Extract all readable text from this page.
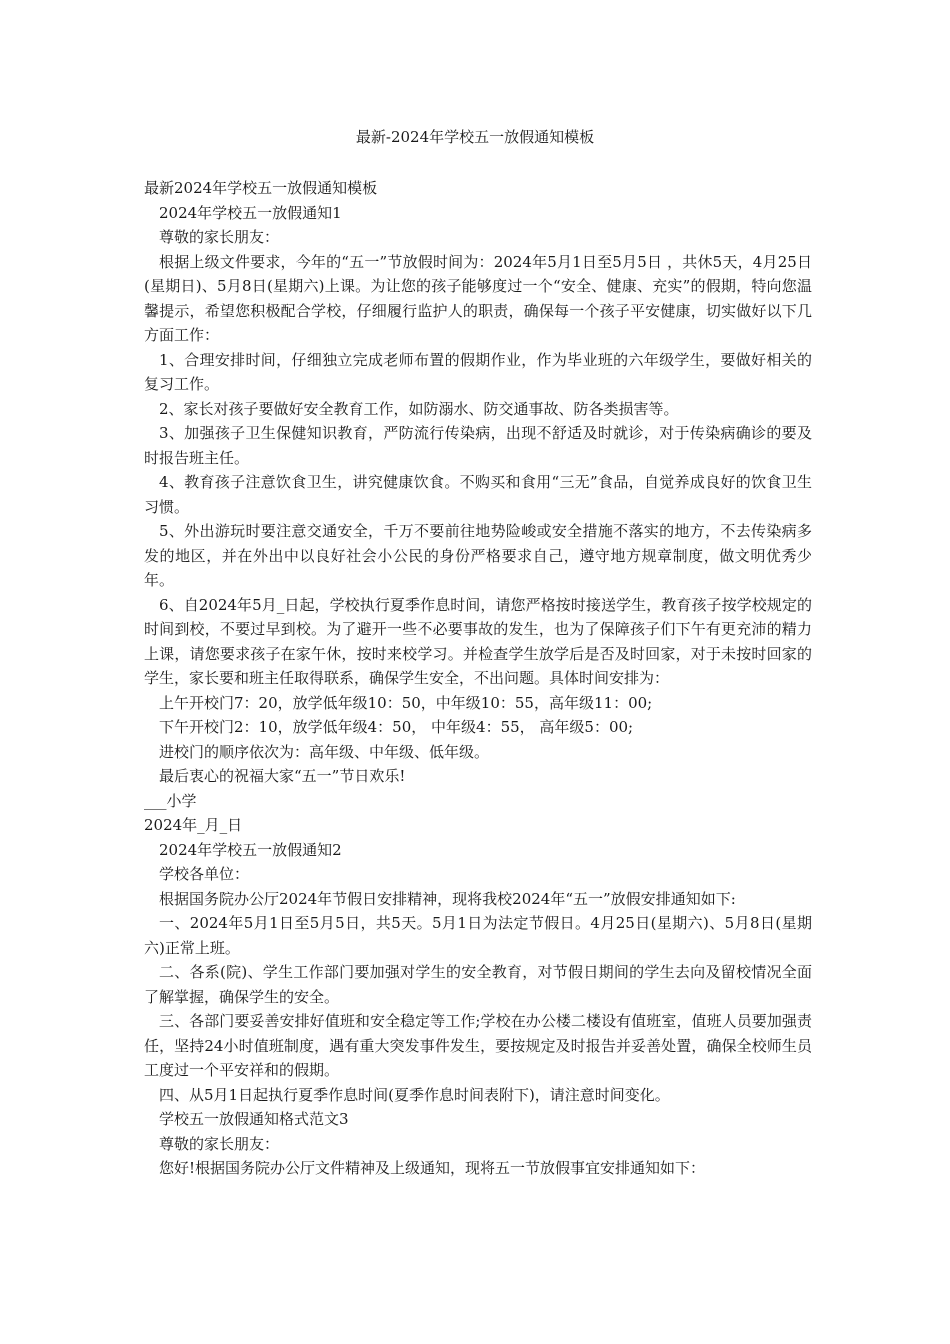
最新-2024年学校五一放假通知模板

最新2024年学校五一放假通知模板

2024年学校五一放假通知1

尊敬的家长朋友：

根据上级文件要求，今年的“五一”节放假时间为：2024年5月1日至5月5日 ，共休5天，4月25日(星期日)、5月8日(星期六)上课。为让您的孩子能够度过一个“安全、健康、充实”的假期，特向您温馨提示，希望您积极配合学校，仔细履行监护人的职责，确保每一个孩子平安健康，切实做好以下几方面工作：

1、合理安排时间，仔细独立完成老师布置的假期作业，作为毕业班的六年级学生，要做好相关的复习工作。

2、家长对孩子要做好安全教育工作，如防溺水、防交通事故、防各类损害等。

3、加强孩子卫生保健知识教育，严防流行传染病，出现不舒适及时就诊，对于传染病确诊的要及时报告班主任。

4、教育孩子注意饮食卫生，讲究健康饮食。不购买和食用“三无”食品，自觉养成良好的饮食卫生习惯。

5、外出游玩时要注意交通安全，千万不要前往地势险峻或安全措施不落实的地方，不去传染病多发的地区，并在外出中以良好社会小公民的身份严格要求自己，遵守地方规章制度，做文明优秀少年。

6、自2024年5月_日起，学校执行夏季作息时间，请您严格按时接送学生，教育孩子按学校规定的时间到校，不要过早到校。为了避开一些不必要事故的发生，也为了保障孩子们下午有更充沛的精力上课，请您要求孩子在家午休，按时来校学习。并检查学生放学后是否及时回家，对于未按时回家的学生，家长要和班主任取得联系，确保学生安全，不出问题。具体时间安排为：

上午开校门7：20，放学低年级10：50，中年级10：55，高年级11：00;

下午开校门2：10，放学低年级4：50， 中年级4：55， 高年级5：00;

进校门的顺序依次为：高年级、中年级、低年级。

最后衷心的祝福大家“五一”节日欢乐!

___小学

2024年_月_日

2024年学校五一放假通知2

学校各单位：

根据国务院办公厅2024年节假日安排精神，现将我校2024年“五一”放假安排通知如下:

一、2024年5月1日至5月5日，共5天。5月1日为法定节假日。4月25日(星期六)、5月8日(星期六)正常上班。

二、各系(院)、学生工作部门要加强对学生的安全教育，对节假日期间的学生去向及留校情况全面了解掌握，确保学生的安全。

三、各部门要妥善安排好值班和安全稳定等工作;学校在办公楼二楼设有值班室，值班人员要加强责任，坚持24小时值班制度，遇有重大突发事件发生，要按规定及时报告并妥善处置，确保全校师生员工度过一个平安祥和的假期。

四、从5月1日起执行夏季作息时间(夏季作息时间表附下)，请注意时间变化。

学校五一放假通知格式范文3

尊敬的家长朋友：

您好!根据国务院办公厅文件精神及上级通知，现将五一节放假事宜安排通知如下：
